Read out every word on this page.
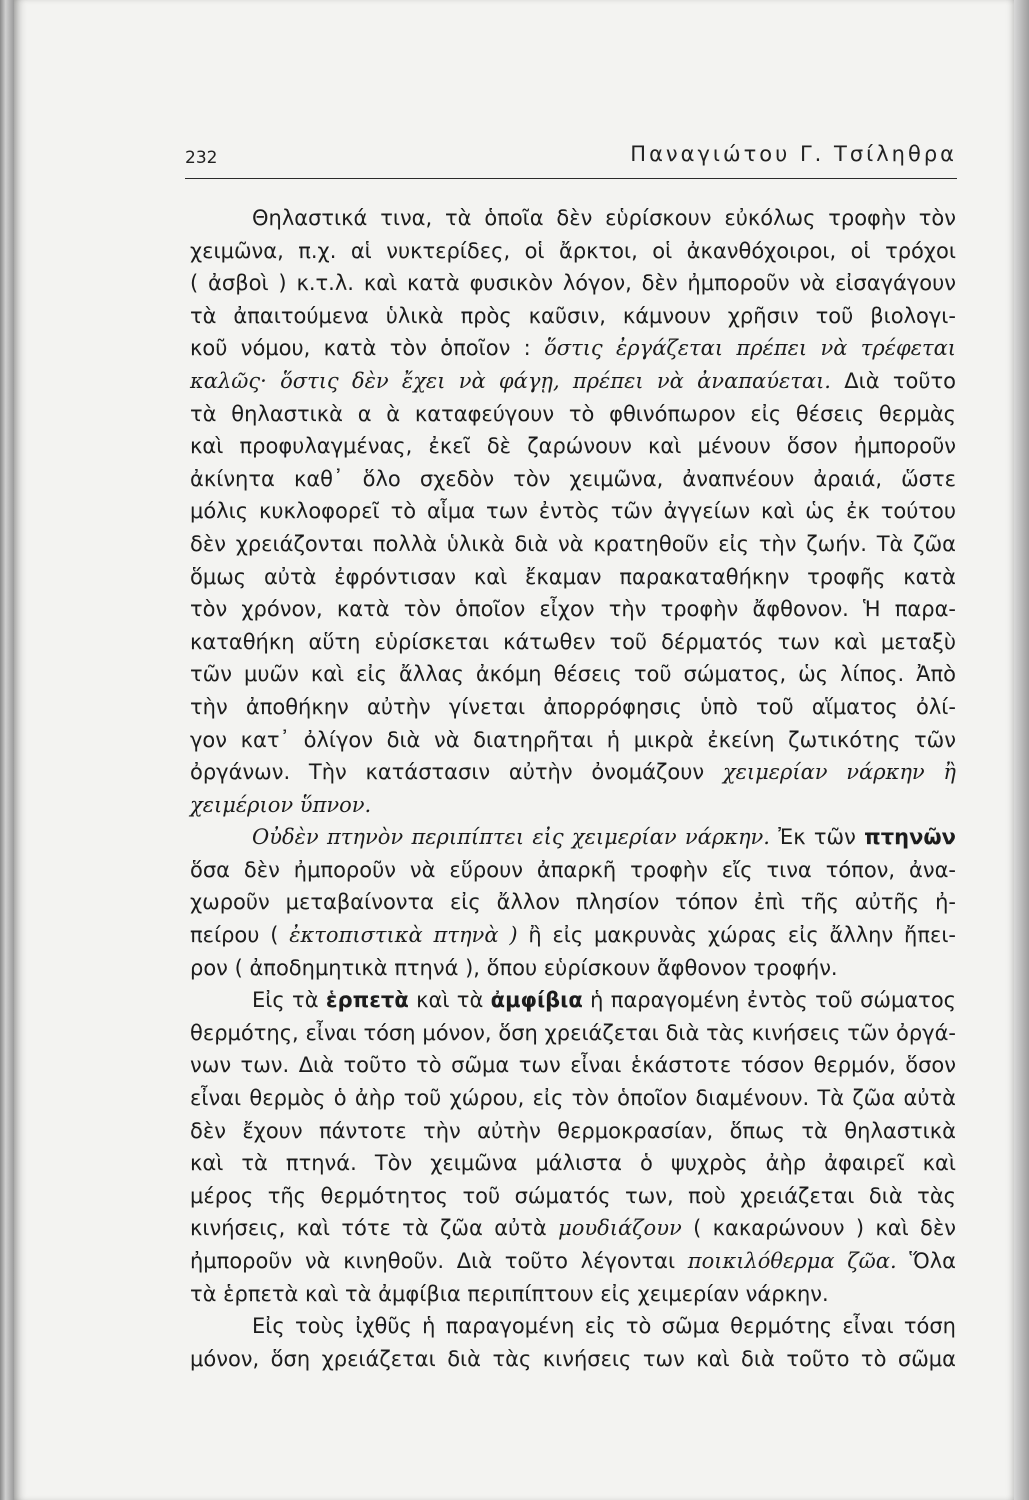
232	Παναγιώτου Γ. Τσίληθρα
Θηλαστικά τινα, τὰ ὁποῖα δὲν εὑρίσκουν εὐκόλως τροφὴν τὸν
χειμῶνα, π.χ. αἱ νυκτερίδες, οἱ ἄρκτοι, οἱ ἀκανθόχοιροι, οἱ τρόχοι
( ἀσβοὶ ) κ.τ.λ. καὶ κατὰ φυσικὸν λόγον, δὲν ἠμποροῦν νὰ εἰσαγάγουν
τὰ ἀπαιτούμενα ὑλικὰ πρὸς καῦσιν, κάμνουν χρῆσιν τοῦ βιολογι-
κοῦ νόμου, κατὰ τὸν ὁποῖον : ὅστις ἐργάζεται πρέπει νὰ τρέφεται
καλῶς· ὅστις δὲν ἔχει νὰ φάγῃ, πρέπει νὰ ἀναπαύεται. Διὰ τοῦτο
τὰ θηλαστικὰ α ὰ καταφεύγουν τὸ φθινόπωρον εἰς θέσεις θερμὰς
καὶ προφυλαγμένας, ἐκεῖ δὲ ζαρώνουν καὶ μένουν ὅσον ἠμποροῦν
ἀκίνητα καθ᾽ ὅλο σχεδὸν τὸν χειμῶνα, ἀναπνέουν ἀραιά, ὥστε
μόλις κυκλοφορεῖ τὸ αἷμα των ἐντὸς τῶν ἀγγείων καὶ ὡς ἐκ τούτου
δὲν χρειάζονται πολλὰ ὑλικὰ διὰ νὰ κρατηθοῦν εἰς τὴν ζωήν. Τὰ ζῶα
ὅμως αὐτὰ ἐφρόντισαν καὶ ἔκαμαν παρακαταθήκην τροφῆς κατὰ
τὸν χρόνον, κατὰ τὸν ὁποῖον εἶχον τὴν τροφὴν ἄφθονον. Ἡ παρα-
καταθήκη αὕτη εὑρίσκεται κάτωθεν τοῦ δέρματός των καὶ μεταξὺ
τῶν μυῶν καὶ εἰς ἄλλας ἀκόμη θέσεις τοῦ σώματος, ὡς λίπος. Ἀπὸ
τὴν ἀποθήκην αὐτὴν γίνεται ἀπορρόφησις ὑπὸ τοῦ αἵματος ὀλί-
γον κατ᾽ ὀλίγον διὰ νὰ διατηρῆται ἡ μικρὰ ἐκείνη ζωτικότης τῶν
ὀργάνων. Τὴν κατάστασιν αὐτὴν ὀνομάζουν χειμερίαν νάρκην ἢ
χειμέριον ὕπνον.
Οὐδὲν πτηνὸν περιπίπτει εἰς χειμερίαν νάρκην. Ἐκ τῶν πτηνῶν
ὅσα δὲν ἠμποροῦν νὰ εὕρουν ἀπαρκῆ τροφὴν εἴς τινα τόπον, ἀνα-
χωροῦν μεταβαίνοντα εἰς ἄλλον πλησίον τόπον ἐπὶ τῆς αὐτῆς ἠ-
πείρου ( ἐκτοπιστικὰ πτηνὰ ) ἢ εἰς μακρυνὰς χώρας εἰς ἄλλην ἤπει-
ρον ( ἀποδημητικὰ πτηνά ), ὅπου εὑρίσκουν ἄφθονον τροφήν.
Εἰς τὰ ἑρπετὰ καὶ τὰ ἀμφίβια ἡ παραγομένη ἐντὸς τοῦ σώματος
θερμότης, εἶναι τόση μόνον, ὅση χρειάζεται διὰ τὰς κινήσεις τῶν ὀργά-
νων των. Διὰ τοῦτο τὸ σῶμα των εἶναι ἑκάστοτε τόσον θερμόν, ὅσον
εἶναι θερμὸς ὁ ἀὴρ τοῦ χώρου, εἰς τὸν ὁποῖον διαμένουν. Τὰ ζῶα αὐτὰ
δὲν ἔχουν πάντοτε τὴν αὐτὴν θερμοκρασίαν, ὅπως τὰ θηλαστικὰ
καὶ τὰ πτηνά. Τὸν χειμῶνα μάλιστα ὁ ψυχρὸς ἀὴρ ἀφαιρεῖ καὶ
μέρος τῆς θερμότητος τοῦ σώματός των, ποὺ χρειάζεται διὰ τὰς
κινήσεις, καὶ τότε τὰ ζῶα αὐτὰ μουδιάζουν ( κακαρώνουν ) καὶ δὲν
ἠμποροῦν νὰ κινηθοῦν. Διὰ τοῦτο λέγονται ποικιλόθερμα ζῶα. Ὅλα
τὰ ἑρπετὰ καὶ τὰ ἀμφίβια περιπίπτουν εἰς χειμερίαν νάρκην.
Εἰς τοὺς ἰχθῦς ἡ παραγομένη εἰς τὸ σῶμα θερμότης εἶναι τόση
μόνον, ὅση χρειάζεται διὰ τὰς κινήσεις των καὶ διὰ τοῦτο τὸ σῶμα
